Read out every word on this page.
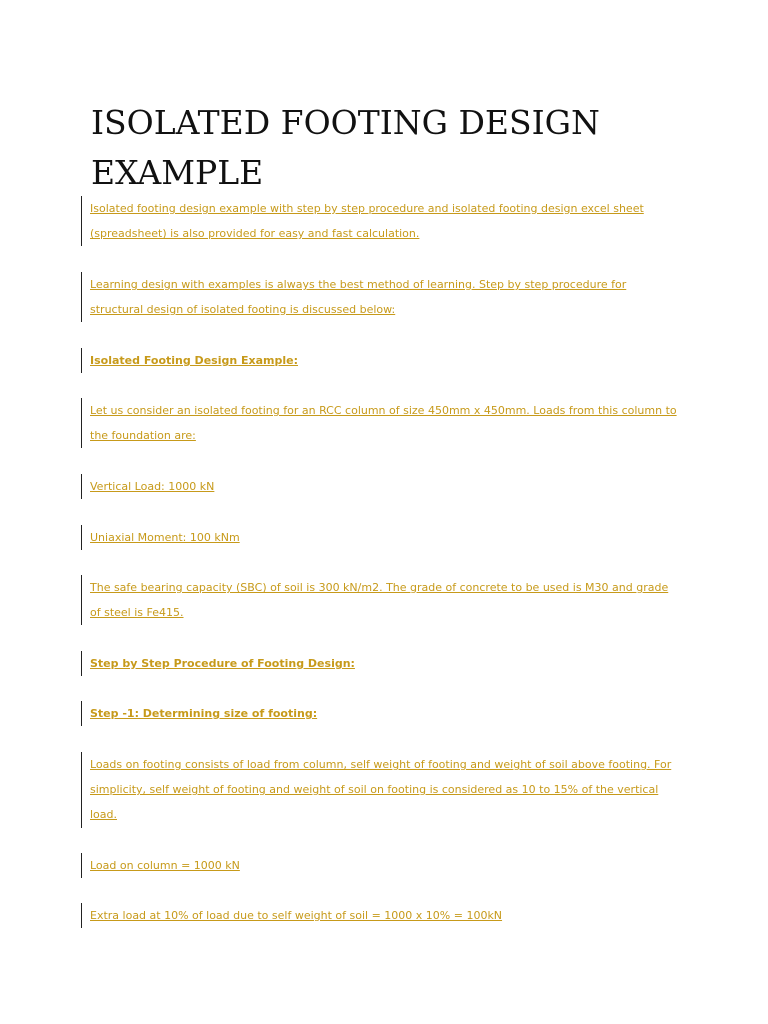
ISOLATED FOOTING DESIGN EXAMPLE
Isolated footing design example with step by step procedure and isolated footing design excel sheet (spreadsheet) is also provided for easy and fast calculation.
Learning design with examples is always the best method of learning. Step by step procedure for structural design of isolated footing is discussed below:
Isolated Footing Design Example:
Let us consider an isolated footing for an RCC column of size 450mm x 450mm. Loads from this column to the foundation are:
Vertical Load: 1000 kN
Uniaxial Moment: 100 kNm
The safe bearing capacity (SBC) of soil is 300 kN/m2. The grade of concrete to be used is M30 and grade of steel is Fe415.
Step by Step Procedure of Footing Design:
Step -1: Determining size of footing:
Loads on footing consists of load from column, self weight of footing and weight of soil above footing. For simplicity, self weight of footing and weight of soil on footing is considered as 10 to 15% of the vertical load.
Load on column = 1000 kN
Extra load at 10% of load due to self weight of soil = 1000 x 10% = 100kN
